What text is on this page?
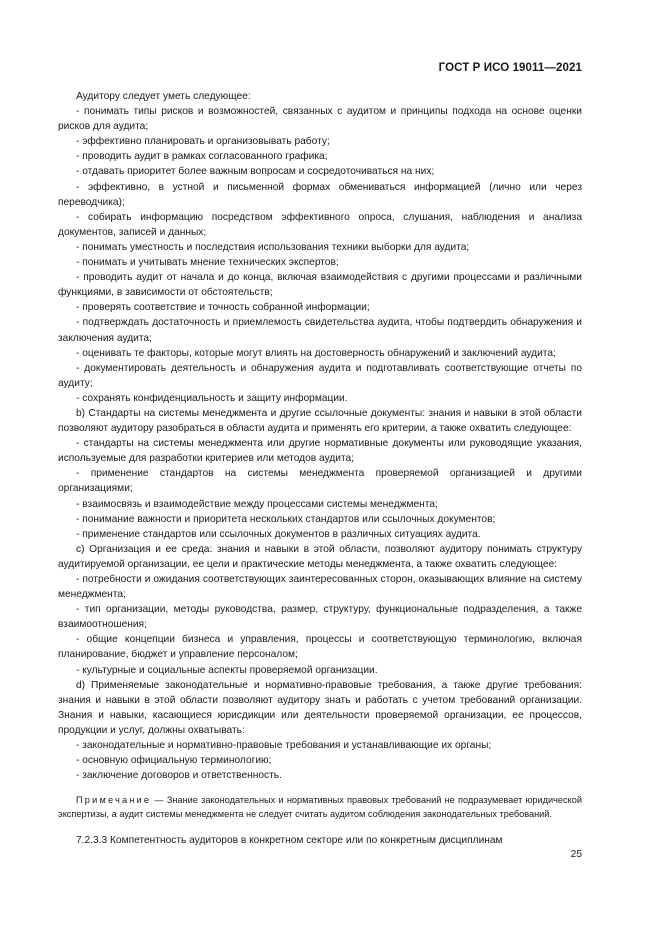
ГОСТ Р ИСО 19011—2021

Аудитору следует уметь следующее:

- понимать типы рисков и возможностей, связанных с аудитом и принципы подхода на основе оценки рисков для аудита;

- эффективно планировать и организовывать работу;

- проводить аудит в рамках согласованного графика;

- отдавать приоритет более важным вопросам и сосредоточиваться на них;

- эффективно, в устной и письменной формах обмениваться информацией (лично или через переводчика);

- собирать информацию посредством эффективного опроса, слушания, наблюдения и анализа документов, записей и данных;

- понимать уместность и последствия использования техники выборки для аудита;

- понимать и учитывать мнение технических экспертов;

- проводить аудит от начала и до конца, включая взаимодействия с другими процессами и различными функциями, в зависимости от обстоятельств;

- проверять соответствие и точность собранной информации;

- подтверждать достаточность и приемлемость свидетельства аудита, чтобы подтвердить обнаружения и заключения аудита;

- оценивать те факторы, которые могут влиять на достоверность обнаружений и заключений аудита;

- документировать деятельность и обнаружения аудита и подготавливать соответствующие отчеты по аудиту;

- сохранять конфиденциальность и защиту информации.

b) Стандарты на системы менеджмента и другие ссылочные документы: знания и навыки в этой области позволяют аудитору разобраться в области аудита и применять его критерии, а также охватить следующее:

- стандарты на системы менеджмента или другие нормативные документы или руководящие указания, используемые для разработки критериев или методов аудита;

- применение стандартов на системы менеджмента проверяемой организацией и другими организациями;

- взаимосвязь и взаимодействие между процессами системы менеджмента;

- понимание важности и приоритета нескольких стандартов или ссылочных документов;

- применение стандартов или ссылочных документов в различных ситуациях аудита.

c) Организация и ее среда: знания и навыки в этой области, позволяют аудитору понимать структуру аудитируемой организации, ее цели и практические методы менеджмента, а также охватить следующее:

- потребности и ожидания соответствующих заинтересованных сторон, оказывающих влияние на систему менеджмента;

- тип организации, методы руководства, размер, структуру, функциональные подразделения, а также взаимоотношения;

- общие концепции бизнеса и управления, процессы и соответствующую терминологию, включая планирование, бюджет и управление персоналом;

- культурные и социальные аспекты проверяемой организации.

d) Применяемые законодательные и нормативно-правовые требования, а также другие требования: знания и навыки в этой области позволяют аудитору знать и работать с учетом требований организации. Знания и навыки, касающиеся юрисдикции или деятельности проверяемой организации, ее процессов, продукции и услуг, должны охватывать:

- законодательные и нормативно-правовые требования и устанавливающие их органы;

- основную официальную терминологию;

- заключение договоров и ответственность.

Примечание — Знание законодательных и нормативных правовых требований не подразумевает юридической экспертизы, а аудит системы менеджмента не следует считать аудитом соблюдения законодательных требований.

7.2.3.3 Компетентность аудиторов в конкретном секторе или по конкретным дисциплинам

25
